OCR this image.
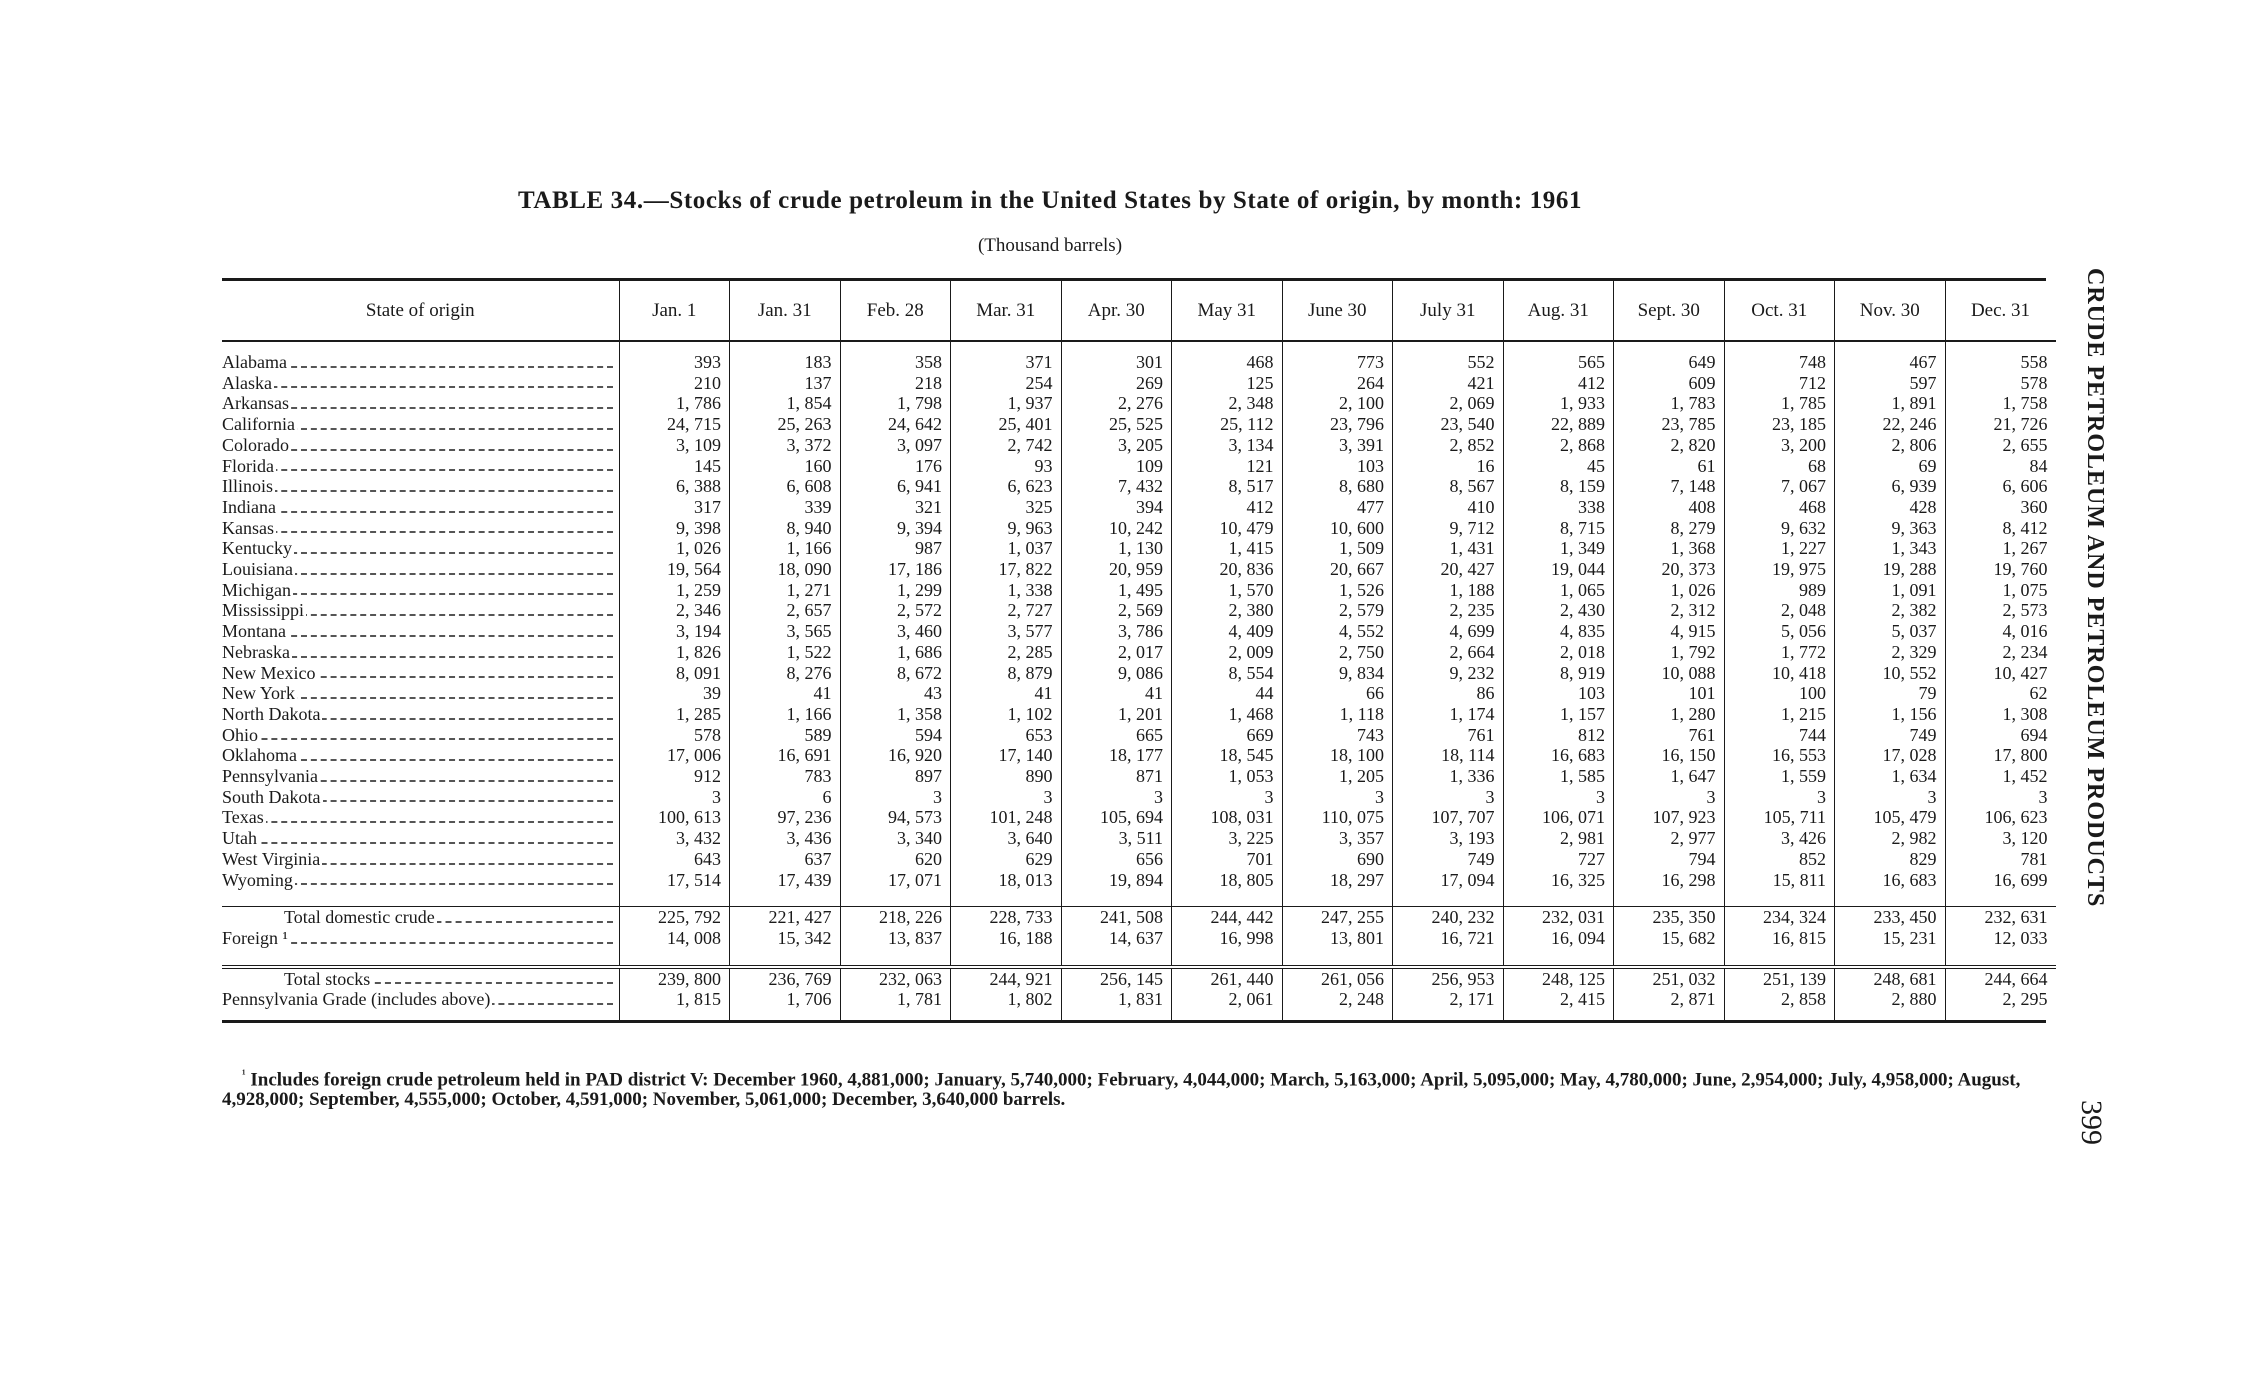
TABLE 34.—Stocks of crude petroleum in the United States by State of origin, by month: 1961
(Thousand barrels)
State of origin	Jan. 1	Jan. 31	Feb. 28	Mar. 31	Apr. 30	May 31	June 30	July 31	Aug. 31	Sept. 30	Oct. 31	Nov. 30	Dec. 31

Alabama	393	183	358	371	301	468	773	552	565	649	748	467	558
Alaska	210	137	218	254	269	125	264	421	412	609	712	597	578
Arkansas	1, 786	1, 854	1, 798	1, 937	2, 276	2, 348	2, 100	2, 069	1, 933	1, 783	1, 785	1, 891	1, 758
California	24, 715	25, 263	24, 642	25, 401	25, 525	25, 112	23, 796	23, 540	22, 889	23, 785	23, 185	22, 246	21, 726
Colorado	3, 109	3, 372	3, 097	2, 742	3, 205	3, 134	3, 391	2, 852	2, 868	2, 820	3, 200	2, 806	2, 655
Florida	145	160	176	93	109	121	103	16	45	61	68	69	84
Illinois	6, 388	6, 608	6, 941	6, 623	7, 432	8, 517	8, 680	8, 567	8, 159	7, 148	7, 067	6, 939	6, 606
Indiana	317	339	321	325	394	412	477	410	338	408	468	428	360
Kansas	9, 398	8, 940	9, 394	9, 963	10, 242	10, 479	10, 600	9, 712	8, 715	8, 279	9, 632	9, 363	8, 412
Kentucky	1, 026	1, 166	987	1, 037	1, 130	1, 415	1, 509	1, 431	1, 349	1, 368	1, 227	1, 343	1, 267
Louisiana	19, 564	18, 090	17, 186	17, 822	20, 959	20, 836	20, 667	20, 427	19, 044	20, 373	19, 975	19, 288	19, 760
Michigan	1, 259	1, 271	1, 299	1, 338	1, 495	1, 570	1, 526	1, 188	1, 065	1, 026	989	1, 091	1, 075
Mississippi	2, 346	2, 657	2, 572	2, 727	2, 569	2, 380	2, 579	2, 235	2, 430	2, 312	2, 048	2, 382	2, 573
Montana	3, 194	3, 565	3, 460	3, 577	3, 786	4, 409	4, 552	4, 699	4, 835	4, 915	5, 056	5, 037	4, 016
Nebraska	1, 826	1, 522	1, 686	2, 285	2, 017	2, 009	2, 750	2, 664	2, 018	1, 792	1, 772	2, 329	2, 234
New Mexico	8, 091	8, 276	8, 672	8, 879	9, 086	8, 554	9, 834	9, 232	8, 919	10, 088	10, 418	10, 552	10, 427
New York	39	41	43	41	41	44	66	86	103	101	100	79	62
North Dakota	1, 285	1, 166	1, 358	1, 102	1, 201	1, 468	1, 118	1, 174	1, 157	1, 280	1, 215	1, 156	1, 308
Ohio	578	589	594	653	665	669	743	761	812	761	744	749	694
Oklahoma	17, 006	16, 691	16, 920	17, 140	18, 177	18, 545	18, 100	18, 114	16, 683	16, 150	16, 553	17, 028	17, 800
Pennsylvania	912	783	897	890	871	1, 053	1, 205	1, 336	1, 585	1, 647	1, 559	1, 634	1, 452
South Dakota	3	6	3	3	3	3	3	3	3	3	3	3	3
Texas	100, 613	97, 236	94, 573	101, 248	105, 694	108, 031	110, 075	107, 707	106, 071	107, 923	105, 711	105, 479	106, 623
Utah	3, 432	3, 436	3, 340	3, 640	3, 511	3, 225	3, 357	3, 193	2, 981	2, 977	3, 426	2, 982	3, 120
West Virginia	643	637	620	629	656	701	690	749	727	794	852	829	781
Wyoming	17, 514	17, 439	17, 071	18, 013	19, 894	18, 805	18, 297	17, 094	16, 325	16, 298	15, 811	16, 683	16, 699

Total domestic crude	225, 792	221, 427	218, 226	228, 733	241, 508	244, 442	247, 255	240, 232	232, 031	235, 350	234, 324	233, 450	232, 631
Foreign ¹	14, 008	15, 342	13, 837	16, 188	14, 637	16, 998	13, 801	16, 721	16, 094	15, 682	16, 815	15, 231	12, 033

Total stocks	239, 800	236, 769	232, 063	244, 921	256, 145	261, 440	261, 056	256, 953	248, 125	251, 032	251, 139	248, 681	244, 664
Pennsylvania Grade (includes above)	1, 815	1, 706	1, 781	1, 802	1, 831	2, 061	2, 248	2, 171	2, 415	2, 871	2, 858	2, 880	2, 295

$^{^1}$ Includes foreign crude petroleum held in PAD district V: December 1960, 4,881,000; January, 5,740,000; February, 4,044,000; March, 5,163,000; April, 5,095,000; May, 4,780,000; June, 2,954,000; July, 4,958,000; August, 4,928,000; September, 4,555,000; October, 4,591,000; November, 5,061,000; December, 3,640,000 barrels.
CRUDE PETROLEUM AND PETROLEUM PRODUCTS
399
